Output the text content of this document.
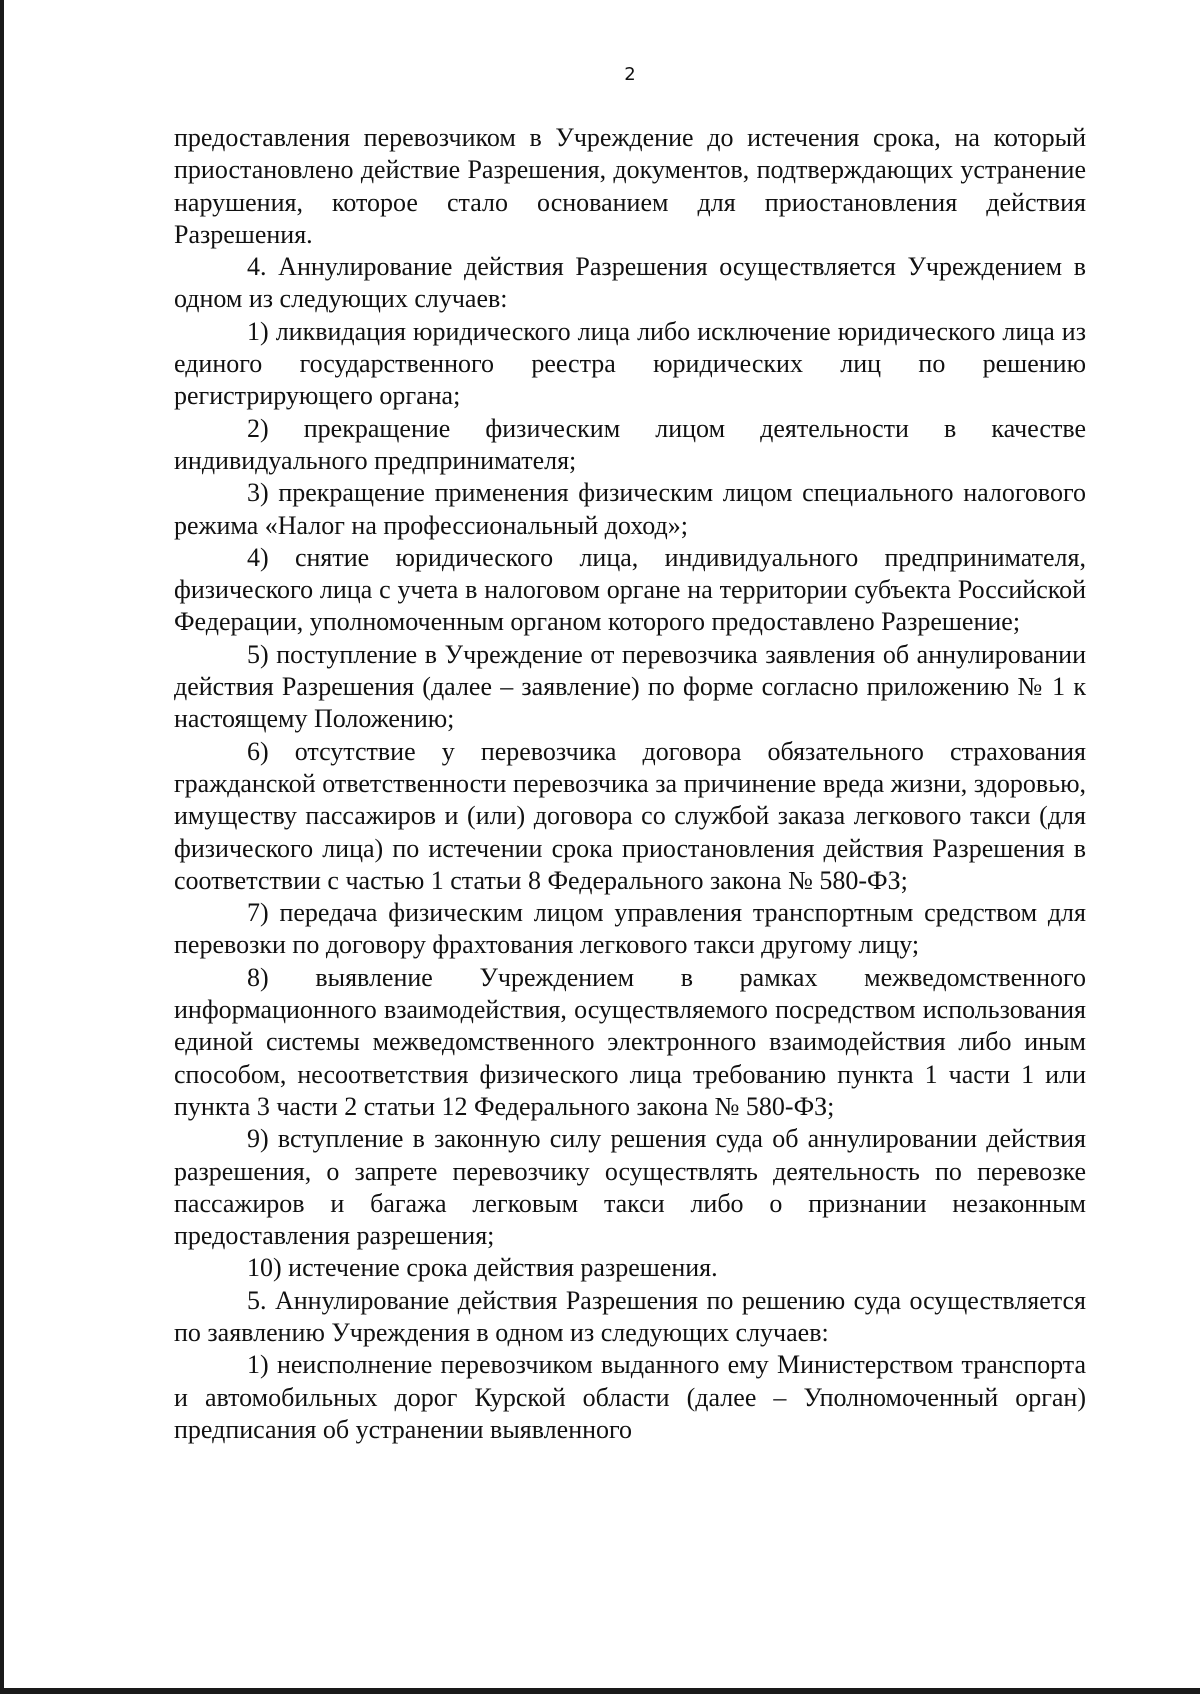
2

предоставления перевозчиком в Учреждение до истечения срока, на который приостановлено действие Разрешения, документов, подтверждающих устранение нарушения, которое стало основанием для приостановления действия Разрешения.

4. Аннулирование действия Разрешения осуществляется Учреждением в одном из следующих случаев:

1) ликвидация юридического лица либо исключение юридического лица из единого государственного реестра юридических лиц по решению регистрирующего органа;

2) прекращение физическим лицом деятельности в качестве индивидуального предпринимателя;

3) прекращение применения физическим лицом специального налогового режима «Налог на профессиональный доход»;

4) снятие юридического лица, индивидуального предпринимателя, физического лица с учета в налоговом органе на территории субъекта Российской Федерации, уполномоченным органом которого предоставлено Разрешение;

5) поступление в Учреждение от перевозчика заявления об аннулировании действия Разрешения (далее – заявление) по форме согласно приложению № 1 к настоящему Положению;

6) отсутствие у перевозчика договора обязательного страхования гражданской ответственности перевозчика за причинение вреда жизни, здоровью, имуществу пассажиров и (или) договора со службой заказа легкового такси (для физического лица) по истечении срока приостановления действия Разрешения в соответствии с частью 1 статьи 8 Федерального закона № 580-ФЗ;

7) передача физическим лицом управления транспортным средством для перевозки по договору фрахтования легкового такси другому лицу;

8) выявление Учреждением в рамках межведомственного информационного взаимодействия, осуществляемого посредством использования единой системы межведомственного электронного взаимодействия либо иным способом, несоответствия физического лица требованию пункта 1 части 1 или пункта 3 части 2 статьи 12 Федерального закона № 580-ФЗ;

9) вступление в законную силу решения суда об аннулировании действия разрешения, о запрете перевозчику осуществлять деятельность по перевозке пассажиров и багажа легковым такси либо о признании незаконным предоставления разрешения;

10) истечение срока действия разрешения.

5. Аннулирование действия Разрешения по решению суда осуществляется по заявлению Учреждения в одном из следующих случаев:

1) неисполнение перевозчиком выданного ему Министерством транспорта и автомобильных дорог Курской области (далее – Уполномоченный орган) предписания об устранении выявленного
